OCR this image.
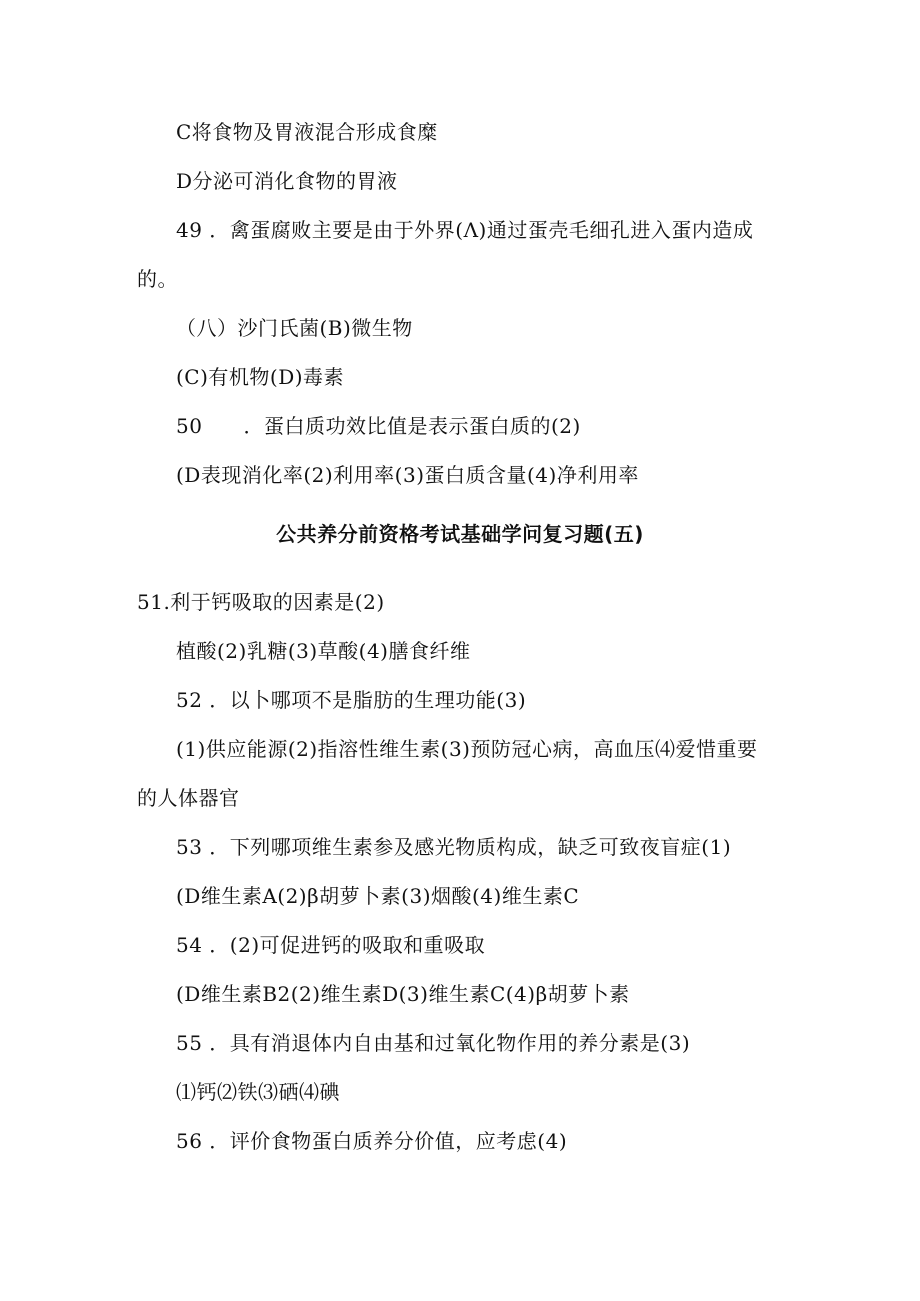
C将食物及胃液混合形成食糜
D分泌可消化食物的胃液
49 ．禽蛋腐败主要是由于外界(Λ)通过蛋壳毛细孔进入蛋内造成
的。
（八）沙门氏菌(B)微生物
(C)有机物(D)毒素
50　　．蛋白质功效比值是表示蛋白质的(2)
(D表现消化率(2)利用率(3)蛋白质含量(4)净利用率
公共养分前资格考试基础学问复习题(五)
51.利于钙吸取的因素是(2)
植酸(2)乳糖(3)草酸(4)膳食纤维
52 ．以卜哪项不是脂肪的生理功能(3)
(1)供应能源(2)指溶性维生素(3)预防冠心病，高血压⑷爱惜重要
的人体器官
53 ．下列哪项维生素参及感光物质构成，缺乏可致夜盲症(1)
(D维生素A(2)β胡萝卜素(3)烟酸(4)维生素C
54 ．(2)可促进钙的吸取和重吸取
(D维生素B2(2)维生素D(3)维生素C(4)β胡萝卜素
55 ．具有消退体内自由基和过氧化物作用的养分素是(3)
⑴钙⑵铁⑶硒⑷碘
56 ．评价食物蛋白质养分价值，应考虑(4)
